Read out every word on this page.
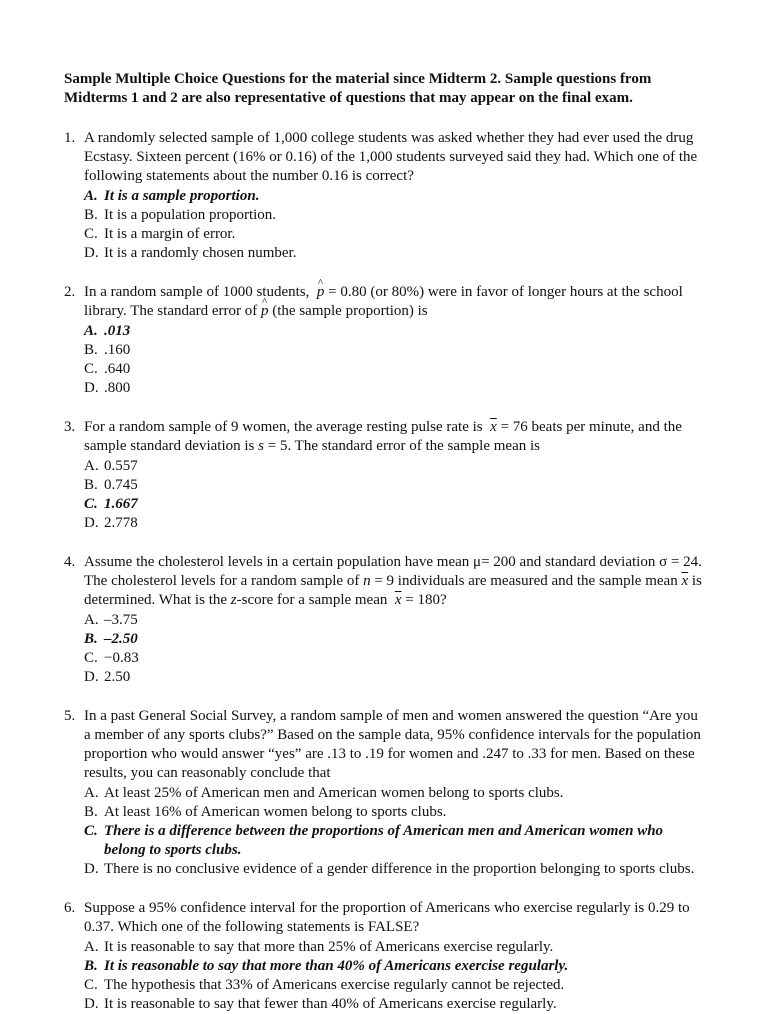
Sample Multiple Choice Questions for the material since Midterm 2. Sample questions from Midterms 1 and 2 are also representative of questions that may appear on the final exam.

1. A randomly selected sample of 1,000 college students was asked whether they had ever used the drug Ecstasy. Sixteen percent (16% or 0.16) of the 1,000 students surveyed said they had. Which one of the following statements about the number 0.16 is correct?

A. It is a sample proportion.
B. It is a population proportion.
C. It is a margin of error.
D. It is a randomly chosen number.
2. In a random sample of 1000 students, ^ p = 0.80 (or 80%) were in favor of longer hours at the school library. The standard error of ^ p (the sample proportion) is

A. .013
B. .160
C. .640
D. .800
3. For a random sample of 9 women, the average resting pulse rate is $\overline{x} = 76$ beats per minute, and the sample standard deviation is s = 5. The standard error of the sample mean is

A. 0.557
B. 0.745
C. 1.667
D. 2.778
4. Assume the cholesterol levels in a certain population have mean μ= 200 and standard deviation σ = 24. The cholesterol levels for a random sample of n = 9 individuals are measured and the sample mean $\overline{x}$ is determined. What is the z-score for a sample mean $\overline{x} = 180$?

A. –3.75
B. –2.50
C. −0.83
D. 2.50
5. In a past General Social Survey, a random sample of men and women answered the question “Are you a member of any sports clubs?” Based on the sample data, 95% confidence intervals for the population proportion who would answer “yes” are .13 to .19 for women and .247 to .33 for men. Based on these results, you can reasonably conclude that

A. At least 25% of American men and American women belong to sports clubs.
B. At least 16% of American women belong to sports clubs.
C. There is a difference between the proportions of American men and American women who belong to sports clubs.
D. There is no conclusive evidence of a gender difference in the proportion belonging to sports clubs.
6. Suppose a 95% confidence interval for the proportion of Americans who exercise regularly is 0.29 to 0.37. Which one of the following statements is FALSE?

A. It is reasonable to say that more than 25% of Americans exercise regularly.
B. It is reasonable to say that more than 40% of Americans exercise regularly.
C. The hypothesis that 33% of Americans exercise regularly cannot be rejected.
D. It is reasonable to say that fewer than 40% of Americans exercise regularly.
